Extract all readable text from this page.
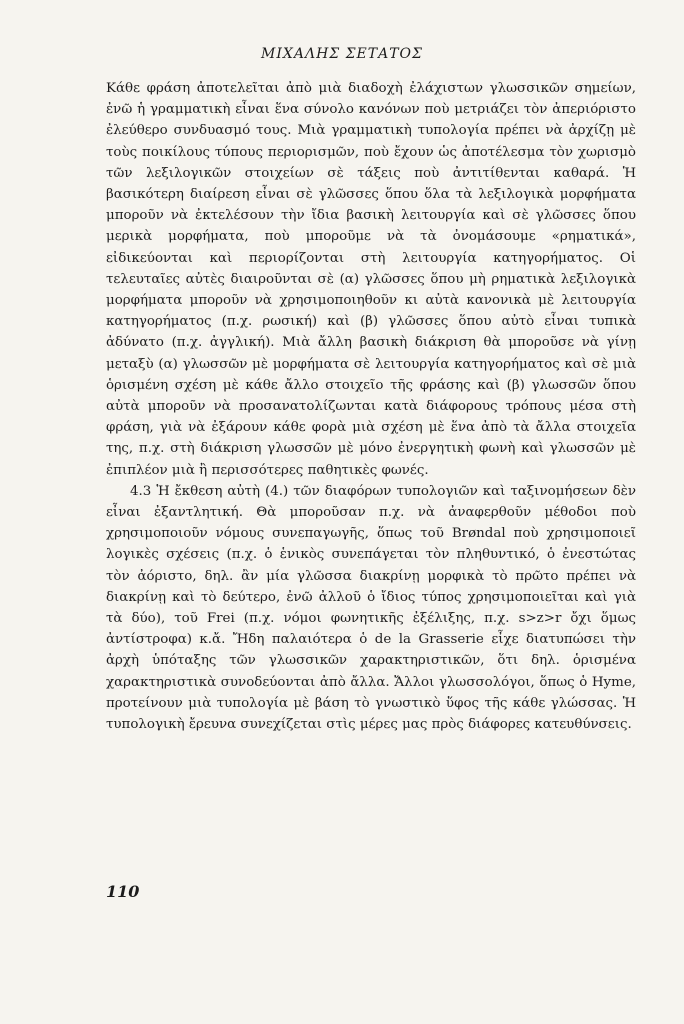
ΜΙΧΑΛΗΣ ΣΕΤΑΤΟΣ

Κάθε φράση ἀποτελεῖται ἀπὸ μιὰ διαδοχὴ ἐλάχιστων γλωσσικῶν σημείων, ἐνῶ ἡ γραμματικὴ εἶναι ἕνα σύνολο κανόνων ποὺ μετριάζει τὸν ἀπεριόριστο ἐλεύθερο συνδυασμό τους. Μιὰ γραμματικὴ τυπολογία πρέπει νὰ ἀρχίζῃ μὲ τοὺς ποικίλους τύπους περιορισμῶν, ποὺ ἔχουν ὡς ἀποτέλεσμα τὸν χωρισμὸ τῶν λεξιλογικῶν στοιχείων σὲ τάξεις ποὺ ἀντιτίθενται καθαρά. Ἡ βασικότερη διαίρεση εἶναι σὲ γλῶσσες ὅπου ὅλα τὰ λεξιλογικὰ μορφήματα μποροῦν νὰ ἐκτελέσουν τὴν ἴδια βασικὴ λειτουργία καὶ σὲ γλῶσσες ὅπου μερικὰ μορφήματα, ποὺ μποροῦμε νὰ τὰ ὀνομάσουμε «ρηματικά», εἰδικεύονται καὶ περιορίζονται στὴ λειτουργία κατηγορήματος. Οἱ τελευταῖες αὐτὲς διαιροῦνται σὲ (α) γλῶσσες ὅπου μὴ ρηματικὰ λεξιλογικὰ μορφήματα μποροῦν νὰ χρησιμοποιηθοῦν κι αὐτὰ κανονικὰ μὲ λειτουργία κατηγορήματος (π.χ. ρωσική) καὶ (β) γλῶσσες ὅπου αὐτὸ εἶναι τυπικὰ ἀδύνατο (π.χ. ἀγγλική). Μιὰ ἄλλη βασικὴ διάκριση θὰ μποροῦσε νὰ γίνῃ μεταξὺ (α) γλωσσῶν μὲ μορφήματα σὲ λειτουργία κατηγορήματος καὶ σὲ μιὰ ὁρισμένη σχέση μὲ κάθε ἄλλο στοιχεῖο τῆς φράσης καὶ (β) γλωσσῶν ὅπου αὐτὰ μποροῦν νὰ προσανατολίζωνται κατὰ διάφορους τρόπους μέσα στὴ φράση, γιὰ νὰ ἐξάρουν κάθε φορὰ μιὰ σχέση μὲ ἕνα ἀπὸ τὰ ἄλλα στοιχεῖα της, π.χ. στὴ διάκριση γλωσσῶν μὲ μόνο ἐνεργητικὴ φωνὴ καὶ γλωσσῶν μὲ ἐπιπλέον μιὰ ἢ περισσότερες παθητικὲς φωνές.

4.3 Ἡ ἔκθεση αὐτὴ (4.) τῶν διαφόρων τυπολογιῶν καὶ ταξινομήσεων δὲν εἶναι ἐξαντλητική. Θὰ μποροῦσαν π.χ. νὰ ἀναφερθοῦν μέθοδοι ποὺ χρησιμοποιοῦν νόμους συνεπαγωγῆς, ὅπως τοῦ Brøndal ποὺ χρησιμοποιεῖ λογικὲς σχέσεις (π.χ. ὁ ἑνικὸς συνεπάγεται τὸν πληθυντικό, ὁ ἐνεστώτας τὸν ἀόριστο, δηλ. ἂν μία γλῶσσα διακρίνῃ μορφικὰ τὸ πρῶτο πρέπει νὰ διακρίνῃ καὶ τὸ δεύτερο, ἐνῶ ἀλλοῦ ὁ ἴδιος τύπος χρησιμοποιεῖται καὶ γιὰ τὰ δύο), τοῦ Frei (π.χ. νόμοι φωνητικῆς ἐξέλιξης, π.χ. s>z>r ὄχι ὅμως ἀντίστροφα) κ.ἄ. Ἤδη παλαιότερα ὁ de la Grasserie εἶχε διατυπώσει τὴν ἀρχὴ ὑπόταξης τῶν γλωσσικῶν χαρακτηριστικῶν, ὅτι δηλ. ὁρισμένα χαρακτηριστικὰ συνοδεύονται ἀπὸ ἄλλα. Ἄλλοι γλωσσολόγοι, ὅπως ὁ Hyme, προτείνουν μιὰ τυπολογία μὲ βάση τὸ γνωστικὸ ὕφος τῆς κάθε γλώσσας. Ἡ τυπολογικὴ ἔρευνα συνεχίζεται στὶς μέρες μας πρὸς διάφορες κατευθύνσεις.

110
